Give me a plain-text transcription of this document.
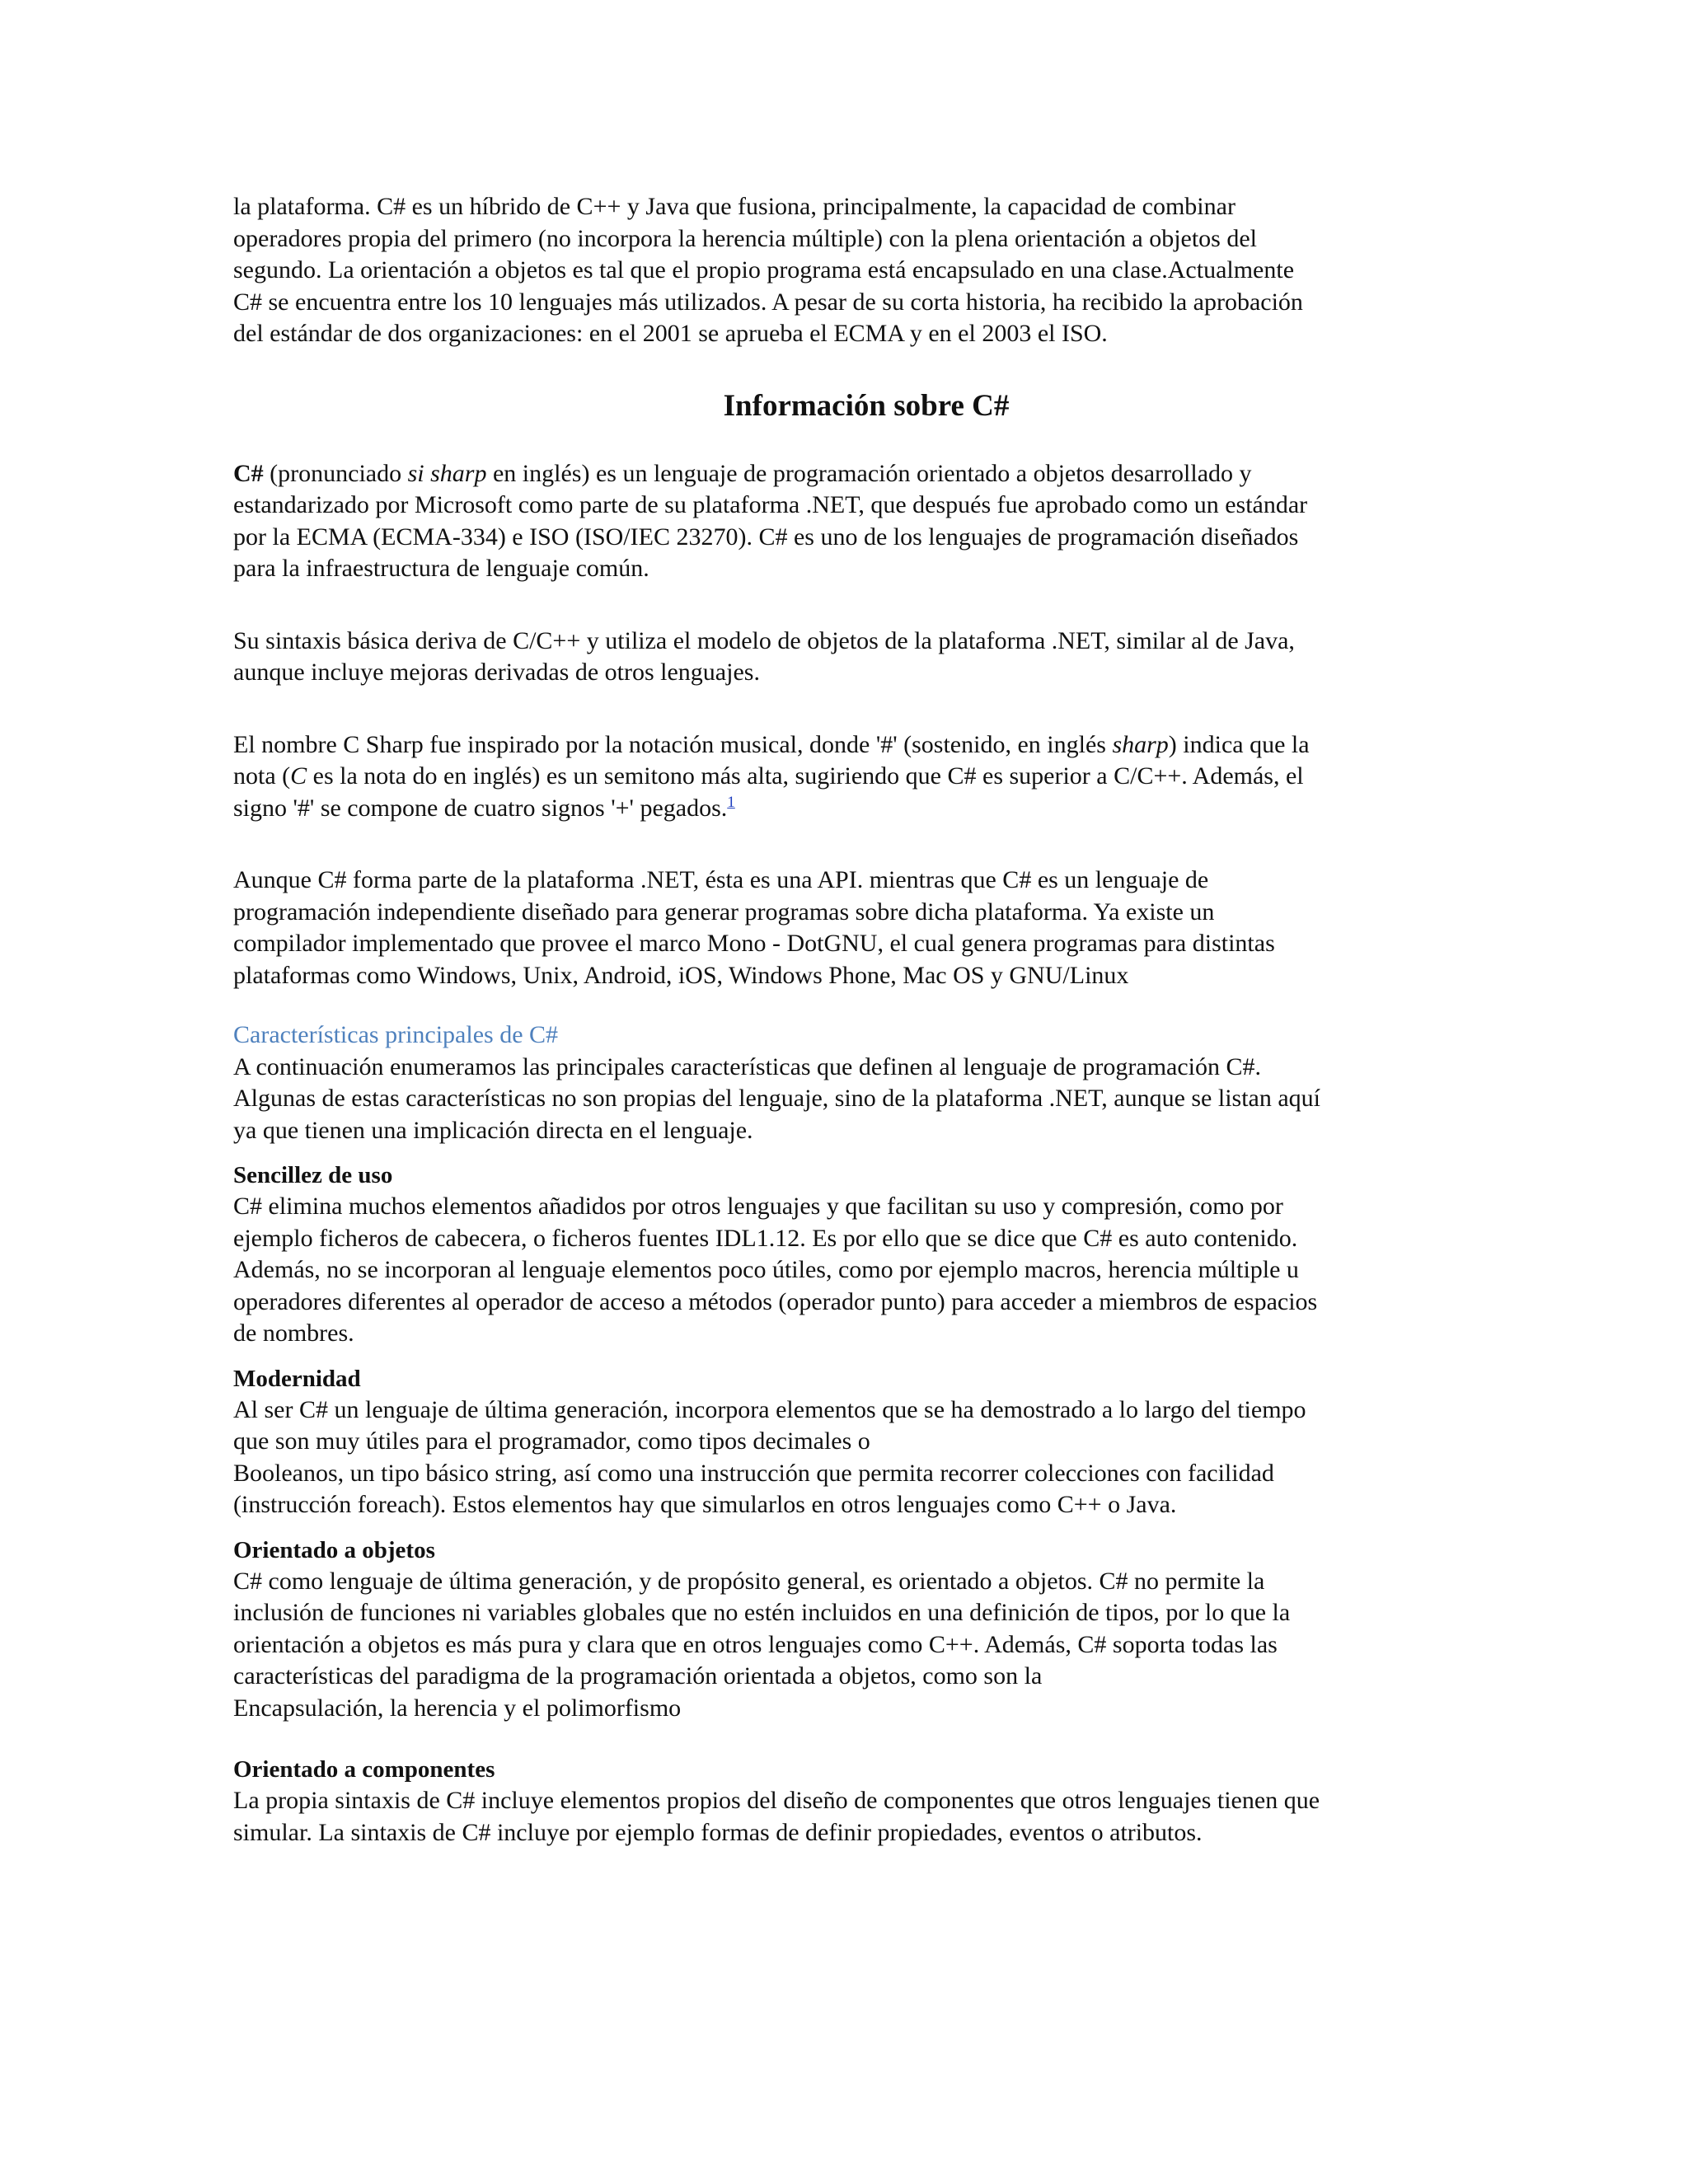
la plataforma. C# es un híbrido de C++ y Java que fusiona, principalmente, la capacidad de combinar
operadores propia del primero (no incorpora la herencia múltiple) con la plena orientación a objetos del
segundo. La orientación a objetos es tal que el propio programa está encapsulado en una clase.Actualmente
C# se encuentra entre los 10 lenguajes más utilizados. A pesar de su corta historia, ha recibido la aprobación
del estándar de dos organizaciones: en el 2001 se aprueba el ECMA y en el 2003 el ISO.
Información sobre C#
C# (pronunciado si sharp en inglés) es un lenguaje de programación orientado a objetos desarrollado y
estandarizado por Microsoft como parte de su plataforma .NET, que después fue aprobado como un estándar
por la ECMA (ECMA-334) e ISO (ISO/IEC 23270). C# es uno de los lenguajes de programación diseñados
para la infraestructura de lenguaje común.
Su sintaxis básica deriva de C/C++ y utiliza el modelo de objetos de la plataforma .NET, similar al de Java,
aunque incluye mejoras derivadas de otros lenguajes.
El nombre C Sharp fue inspirado por la notación musical, donde '#' (sostenido, en inglés sharp) indica que la
nota (C es la nota do en inglés) es un semitono más alta, sugiriendo que C# es superior a C/C++. Además, el
signo '#' se compone de cuatro signos '+' pegados.$^1$
Aunque C# forma parte de la plataforma .NET, ésta es una API. mientras que C# es un lenguaje de
programación independiente diseñado para generar programas sobre dicha plataforma. Ya existe un
compilador implementado que provee el marco Mono - DotGNU, el cual genera programas para distintas
plataformas como Windows, Unix, Android, iOS, Windows Phone, Mac OS y GNU/Linux
Características principales de C#
A continuación enumeramos las principales características que definen al lenguaje de programación C#.
Algunas de estas características no son propias del lenguaje, sino de la plataforma .NET, aunque se listan aquí
ya que tienen una implicación directa en el lenguaje.
Sencillez de uso
C# elimina muchos elementos añadidos por otros lenguajes y que facilitan su uso y compresión, como por
ejemplo ficheros de cabecera, o ficheros fuentes IDL1.12. Es por ello que se dice que C# es auto contenido.
Además, no se incorporan al lenguaje elementos poco útiles, como por ejemplo macros, herencia múltiple u
operadores diferentes al operador de acceso a métodos (operador punto) para acceder a miembros de espacios
de nombres.
Modernidad
Al ser C# un lenguaje de última generación, incorpora elementos que se ha demostrado a lo largo del tiempo
que son muy útiles para el programador, como tipos decimales o
Booleanos, un tipo básico string, así como una instrucción que permita recorrer colecciones con facilidad
(instrucción foreach). Estos elementos hay que simularlos en otros lenguajes como C++ o Java.
Orientado a objetos
C# como lenguaje de última generación, y de propósito general, es orientado a objetos. C# no permite la
inclusión de funciones ni variables globales que no estén incluidos en una definición de tipos, por lo que la
orientación a objetos es más pura y clara que en otros lenguajes como C++. Además, C# soporta todas las
características del paradigma de la programación orientada a objetos, como son la
Encapsulación, la herencia y el polimorfismo
Orientado a componentes
La propia sintaxis de C# incluye elementos propios del diseño de componentes que otros lenguajes tienen que
simular. La sintaxis de C# incluye por ejemplo formas de definir propiedades, eventos o atributos.
